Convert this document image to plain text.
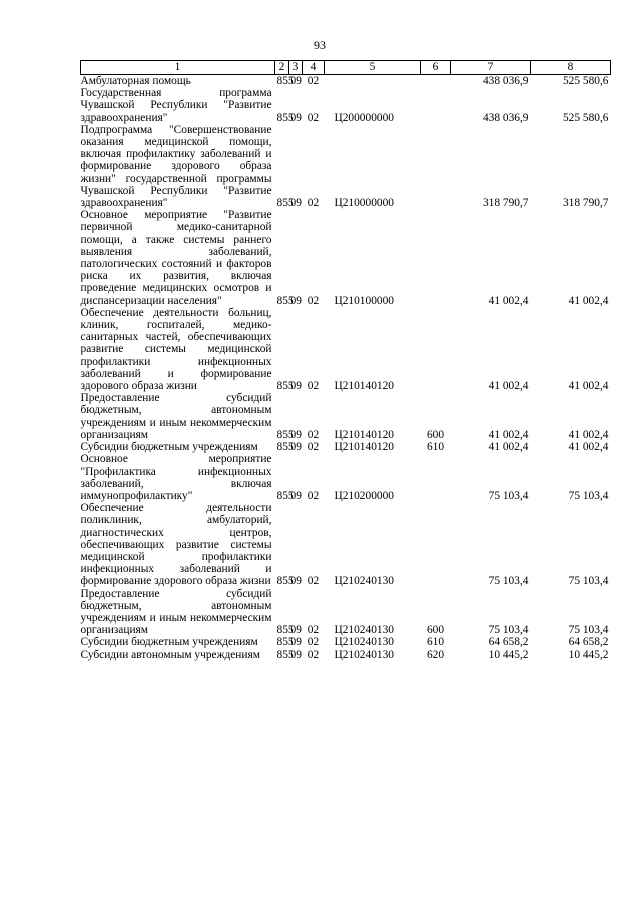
93
1	2	3	4	5	6	7	8
Амбулаторная помощь	855	09	02			438 036,9	525 580,6
Государственная программа Чувашской Республики "Развитие здравоохранения"	855	09	02	Ц200000000		438 036,9	525 580,6
Подпрограмма "Совершенствование оказания медицинской помощи, включая профилактику заболеваний и формирование здорового образа жизни" государственной программы Чувашской Республики "Развитие здравоохранения"	855	09	02	Ц210000000		318 790,7	318 790,7
Основное мероприятие "Развитие первичной медико-санитарной помощи, а также системы раннего выявления заболеваний, патологических состояний и факторов риска их развития, включая проведение медицинских осмотров и диспансеризации населения"	855	09	02	Ц210100000		41 002,4	41 002,4
Обеспечение деятельности больниц, клиник, госпиталей, медико-санитарных частей, обеспечивающих развитие системы медицинской профилактики инфекционных заболеваний и формирование здорового образа жизни	855	09	02	Ц210140120		41 002,4	41 002,4
Предоставление субсидий бюджетным, автономным учреждениям и иным некоммерческим организациям	855	09	02	Ц210140120	600	41 002,4	41 002,4
Субсидии бюджетным учреждениям	855	09	02	Ц210140120	610	41 002,4	41 002,4
Основное мероприятие "Профилактика инфекционных заболеваний, включая иммунопрофилактику"	855	09	02	Ц210200000		75 103,4	75 103,4
Обеспечение деятельности поликлиник, амбулаторий, диагностических центров, обеспечивающих развитие системы медицинской профилактики инфекционных заболеваний и формирование здорового образа жизни	855	09	02	Ц210240130		75 103,4	75 103,4
Предоставление субсидий бюджетным, автономным учреждениям и иным некоммерческим организациям	855	09	02	Ц210240130	600	75 103,4	75 103,4
Субсидии бюджетным учреждениям	855	09	02	Ц210240130	610	64 658,2	64 658,2
Субсидии автономным учреждениям	855	09	02	Ц210240130	620	10 445,2	10 445,2
